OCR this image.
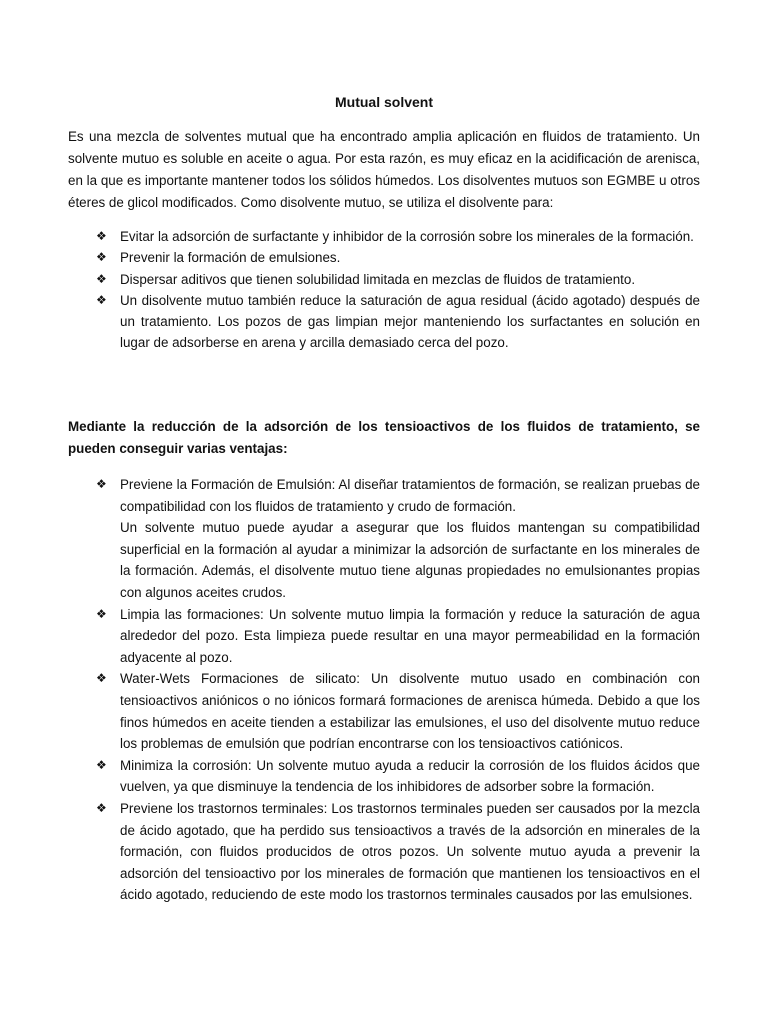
Mutual solvent

Es una mezcla de solventes mutual que ha encontrado amplia aplicación en fluidos de tratamiento. Un solvente mutuo es soluble en aceite o agua. Por esta razón, es muy eficaz en la acidificación de arenisca, en la que es importante mantener todos los sólidos húmedos. Los disolventes mutuos son EGMBE u otros éteres de glicol modificados. Como disolvente mutuo, se utiliza el disolvente para:

❖ Evitar la adsorción de surfactante y inhibidor de la corrosión sobre los minerales de la formación.
❖ Prevenir la formación de emulsiones.
❖ Dispersar aditivos que tienen solubilidad limitada en mezclas de fluidos de tratamiento.
❖ Un disolvente mutuo también reduce la saturación de agua residual (ácido agotado) después de un tratamiento. Los pozos de gas limpian mejor manteniendo los surfactantes en solución en lugar de adsorberse en arena y arcilla demasiado cerca del pozo.

Mediante la reducción de la adsorción de los tensioactivos de los fluidos de tratamiento, se pueden conseguir varias ventajas:

❖ Previene la Formación de Emulsión: Al diseñar tratamientos de formación, se realizan pruebas de compatibilidad con los fluidos de tratamiento y crudo de formación.
Un solvente mutuo puede ayudar a asegurar que los fluidos mantengan su compatibilidad superficial en la formación al ayudar a minimizar la adsorción de surfactante en los minerales de la formación. Además, el disolvente mutuo tiene algunas propiedades no emulsionantes propias con algunos aceites crudos.
❖ Limpia las formaciones: Un solvente mutuo limpia la formación y reduce la saturación de agua alrededor del pozo. Esta limpieza puede resultar en una mayor permeabilidad en la formación adyacente al pozo.
❖ Water-Wets Formaciones de silicato: Un disolvente mutuo usado en combinación con tensioactivos aniónicos o no iónicos formará formaciones de arenisca húmeda. Debido a que los finos húmedos en aceite tienden a estabilizar las emulsiones, el uso del disolvente mutuo reduce los problemas de emulsión que podrían encontrarse con los tensioactivos catiónicos.
❖ Minimiza la corrosión: Un solvente mutuo ayuda a reducir la corrosión de los fluidos ácidos que vuelven, ya que disminuye la tendencia de los inhibidores de adsorber sobre la formación.
❖ Previene los trastornos terminales: Los trastornos terminales pueden ser causados por la mezcla de ácido agotado, que ha perdido sus tensioactivos a través de la adsorción en minerales de la formación, con fluidos producidos de otros pozos. Un solvente mutuo ayuda a prevenir la adsorción del tensioactivo por los minerales de formación que mantienen los tensioactivos en el ácido agotado, reduciendo de este modo los trastornos terminales causados por las emulsiones.
